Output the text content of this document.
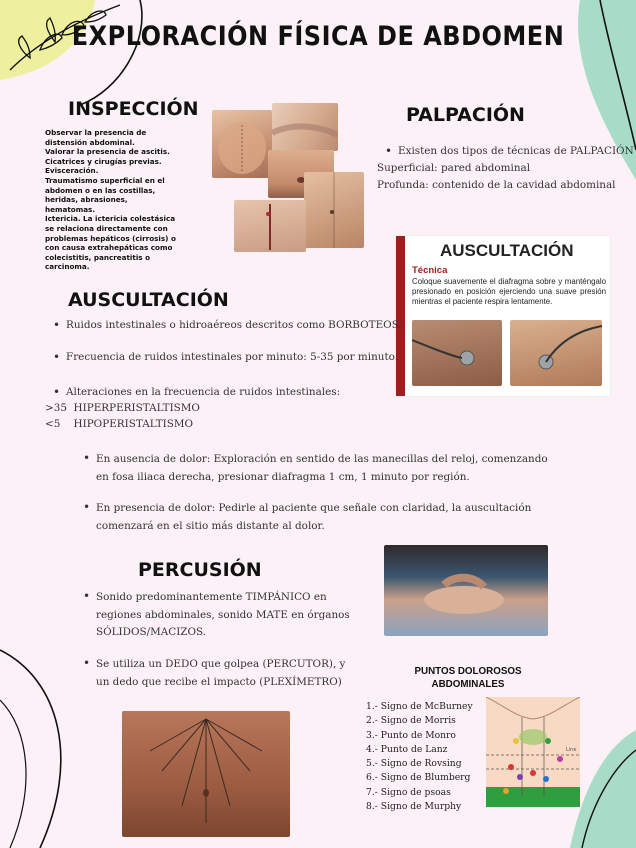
EXPLORACIÓN FÍSICA DE ABDOMEN
INSPECCIÓN
Observar la presencia de distensión abdominal.
Valorar la presencia de ascitis.
Cicatrices y cirugías previas.
Evisceración.
Traumatismo superficial en el abdomen o en las costillas, heridas, abrasiones, hematomas.
Ictericia. La ictericia colestásica se relaciona directamente con problemas hepáticos (cirrosis) o con causa extrahepáticas como colecistitis, pancreatitis o carcinoma.
PALPACIÓN
• Existen dos tipos de técnicas de PALPACIÓN
Superficial: pared abdominal
Profunda: contenido de la cavidad abdominal
AUSCULTACIÓN
Técnica
Coloque suavemente el diafragma sobre y manténgalo presionado en posición ejerciendo una suave presión mientras el paciente respira lentamente.
AUSCULTACIÓN
• Ruidos intestinales o hidroaéreos descritos como BORBOTEOS.
• Frecuencia de ruidos intestinales por minuto: 5-35 por minuto.
• Alteraciones en la frecuencia de ruidos intestinales:
>35  HIPERPERISTALTISMO
<5    HIPOPERISTALTISMO
• En ausencia de dolor: Exploración en sentido de las manecillas del reloj, comenzando en fosa iliaca derecha, presionar diafragma 1 cm, 1 minuto por región.
• En presencia de dolor: Pedirle al paciente que señale con claridad, la auscultación comenzará en el sitio más distante al dolor.
PERCUSIÓN
• Sonido predominantemente TIMPÁNICO en regiones abdominales, sonido MATE en órganos SÓLIDOS/MACIZOS.
• Se utiliza un DEDO que golpea (PERCUTOR), y un dedo que recibe el impacto (PLEXÍMETRO)
PUNTOS DOLOROSOS ABDOMINALES
1.- Signo de McBurney
2.- Signo de Morris
3.- Punto de Monro
4.- Punto de Lanz
5.- Signo de Rovsing
6.- Signo de Blumberg
7.- Signo de psoas
8.- Signo de Murphy
Line
